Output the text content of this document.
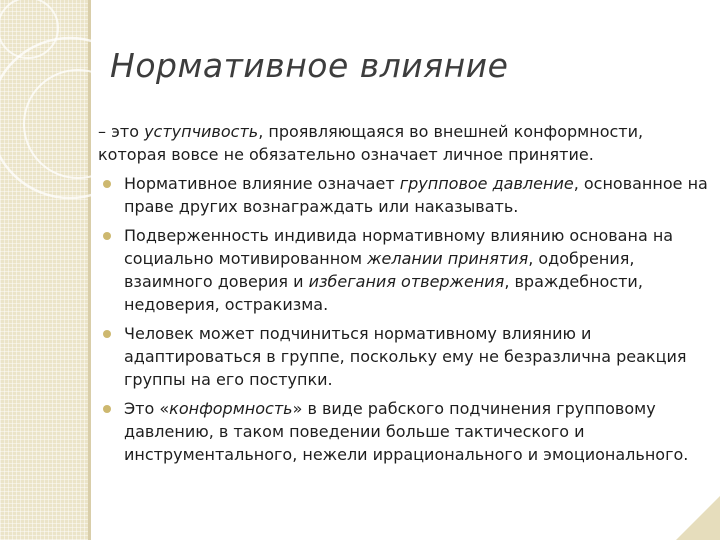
Нормативное влияние

– это уступчивость, проявляющаяся во внешней конформности, которая вовсе не обязательно означает личное принятие.

Нормативное влияние означает групповое давление, основанное на праве других вознаграждать или наказывать.
Подверженность индивида нормативному влиянию основана на социально мотивированном желании принятия, одобрения, взаимного доверия и избегания отвержения, враждебности, недоверия, остракизма.
Человек может подчиниться нормативному влиянию и адаптироваться в группе, поскольку ему не безразлична реакция группы на его поступки.
Это «конформность» в виде рабского подчинения групповому давлению, в таком поведении больше тактического и инструментального, нежели иррационального и эмоционального.
